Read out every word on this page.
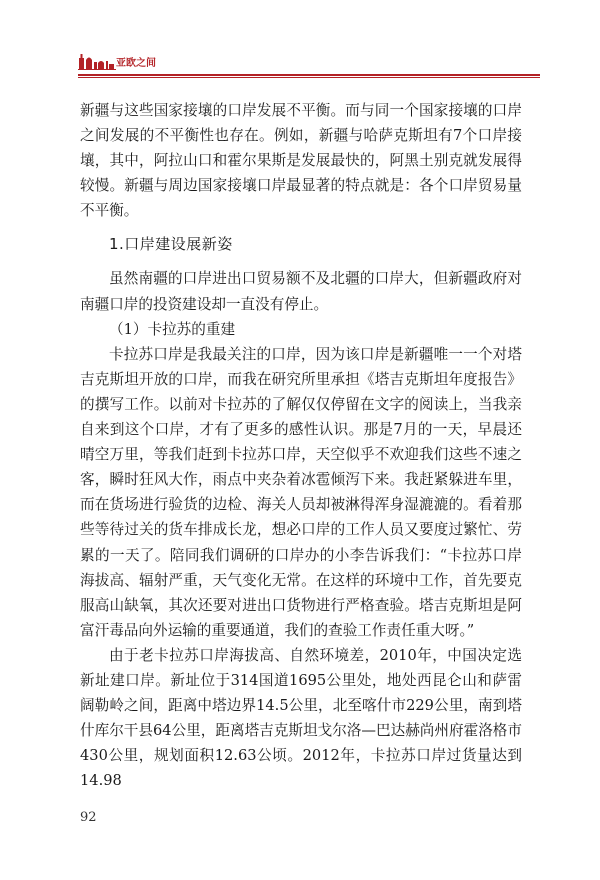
亚欧之间

新疆与这些国家接壤的口岸发展不平衡。而与同一个国家接壤的口岸之间发展的不平衡性也存在。例如，新疆与哈萨克斯坦有7个口岸接壤，其中，阿拉山口和霍尔果斯是发展最快的，阿黑土别克就发展得较慢。新疆与周边国家接壤口岸最显著的特点就是：各个口岸贸易量不平衡。

1.口岸建设展新姿

虽然南疆的口岸进出口贸易额不及北疆的口岸大，但新疆政府对南疆口岸的投资建设却一直没有停止。

（1）卡拉苏的重建

卡拉苏口岸是我最关注的口岸，因为该口岸是新疆唯一一个对塔吉克斯坦开放的口岸，而我在研究所里承担《塔吉克斯坦年度报告》的撰写工作。以前对卡拉苏的了解仅仅停留在文字的阅读上，当我亲自来到这个口岸，才有了更多的感性认识。那是7月的一天，早晨还晴空万里，等我们赶到卡拉苏口岸，天空似乎不欢迎我们这些不速之客，瞬时狂风大作，雨点中夹杂着冰雹倾泻下来。我赶紧躲进车里，而在货场进行验货的边检、海关人员却被淋得浑身湿漉漉的。看着那些等待过关的货车排成长龙，想必口岸的工作人员又要度过繁忙、劳累的一天了。陪同我们调研的口岸办的小李告诉我们：“卡拉苏口岸海拔高、辐射严重，天气变化无常。在这样的环境中工作，首先要克服高山缺氧，其次还要对进出口货物进行严格查验。塔吉克斯坦是阿富汗毒品向外运输的重要通道，我们的查验工作责任重大呀。”

由于老卡拉苏口岸海拔高、自然环境差，2010年，中国决定选新址建口岸。新址位于314国道1695公里处，地处西昆仑山和萨雷阔勒岭之间，距离中塔边界14.5公里，北至喀什市229公里，南到塔什库尔干县64公里，距离塔吉克斯坦戈尔洛—巴达赫尚州府霍洛格市430公里，规划面积12.63公顷。2012年，卡拉苏口岸过货量达到14.98

92
